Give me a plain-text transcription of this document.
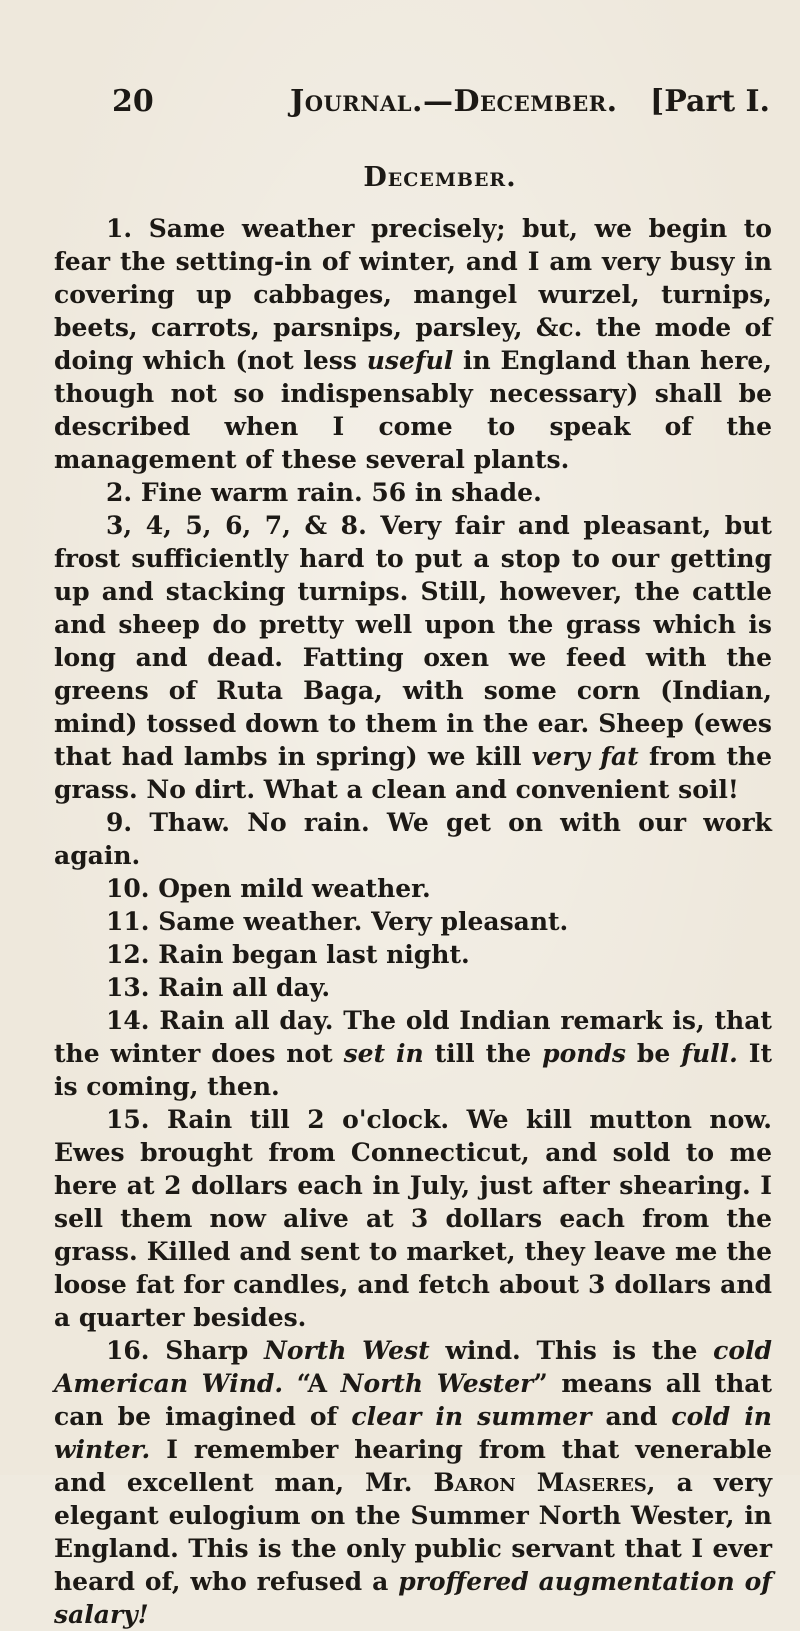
20	Journal.—December. [Part I.
December.

1. Same weather precisely; but, we begin to fear the setting-in of winter, and I am very busy in covering up cabbages, mangel wurzel, turnips, beets, carrots, parsnips, parsley, &c. the mode of doing which (not less useful in England than here, though not so indispensably necessary) shall be described when I come to speak of the management of these several plants.

2. Fine warm rain. 56 in shade.

3, 4, 5, 6, 7, & 8. Very fair and pleasant, but frost sufficiently hard to put a stop to our getting up and stacking turnips. Still, however, the cattle and sheep do pretty well upon the grass which is long and dead. Fatting oxen we feed with the greens of Ruta Baga, with some corn (Indian, mind) tossed down to them in the ear. Sheep (ewes that had lambs in spring) we kill very fat from the grass. No dirt. What a clean and convenient soil!

9. Thaw. No rain. We get on with our work again.

10. Open mild weather.

11. Same weather. Very pleasant.

12. Rain began last night.

13. Rain all day.

14. Rain all day. The old Indian remark is, that the winter does not set in till the ponds be full. It is coming, then.

15. Rain till 2 o'clock. We kill mutton now. Ewes brought from Connecticut, and sold to me here at 2 dollars each in July, just after shearing. I sell them now alive at 3 dollars each from the grass. Killed and sent to market, they leave me the loose fat for candles, and fetch about 3 dollars and a quarter besides.

16. Sharp North West wind. This is the cold American Wind. “A North Wester” means all that can be imagined of clear in summer and cold in winter. I remember hearing from that venerable and excellent man, Mr. Baron Maseres, a very elegant eulogium on the Summer North Wester, in England. This is the only public servant that I ever heard of, who refused a proffered augmentation of salary!
